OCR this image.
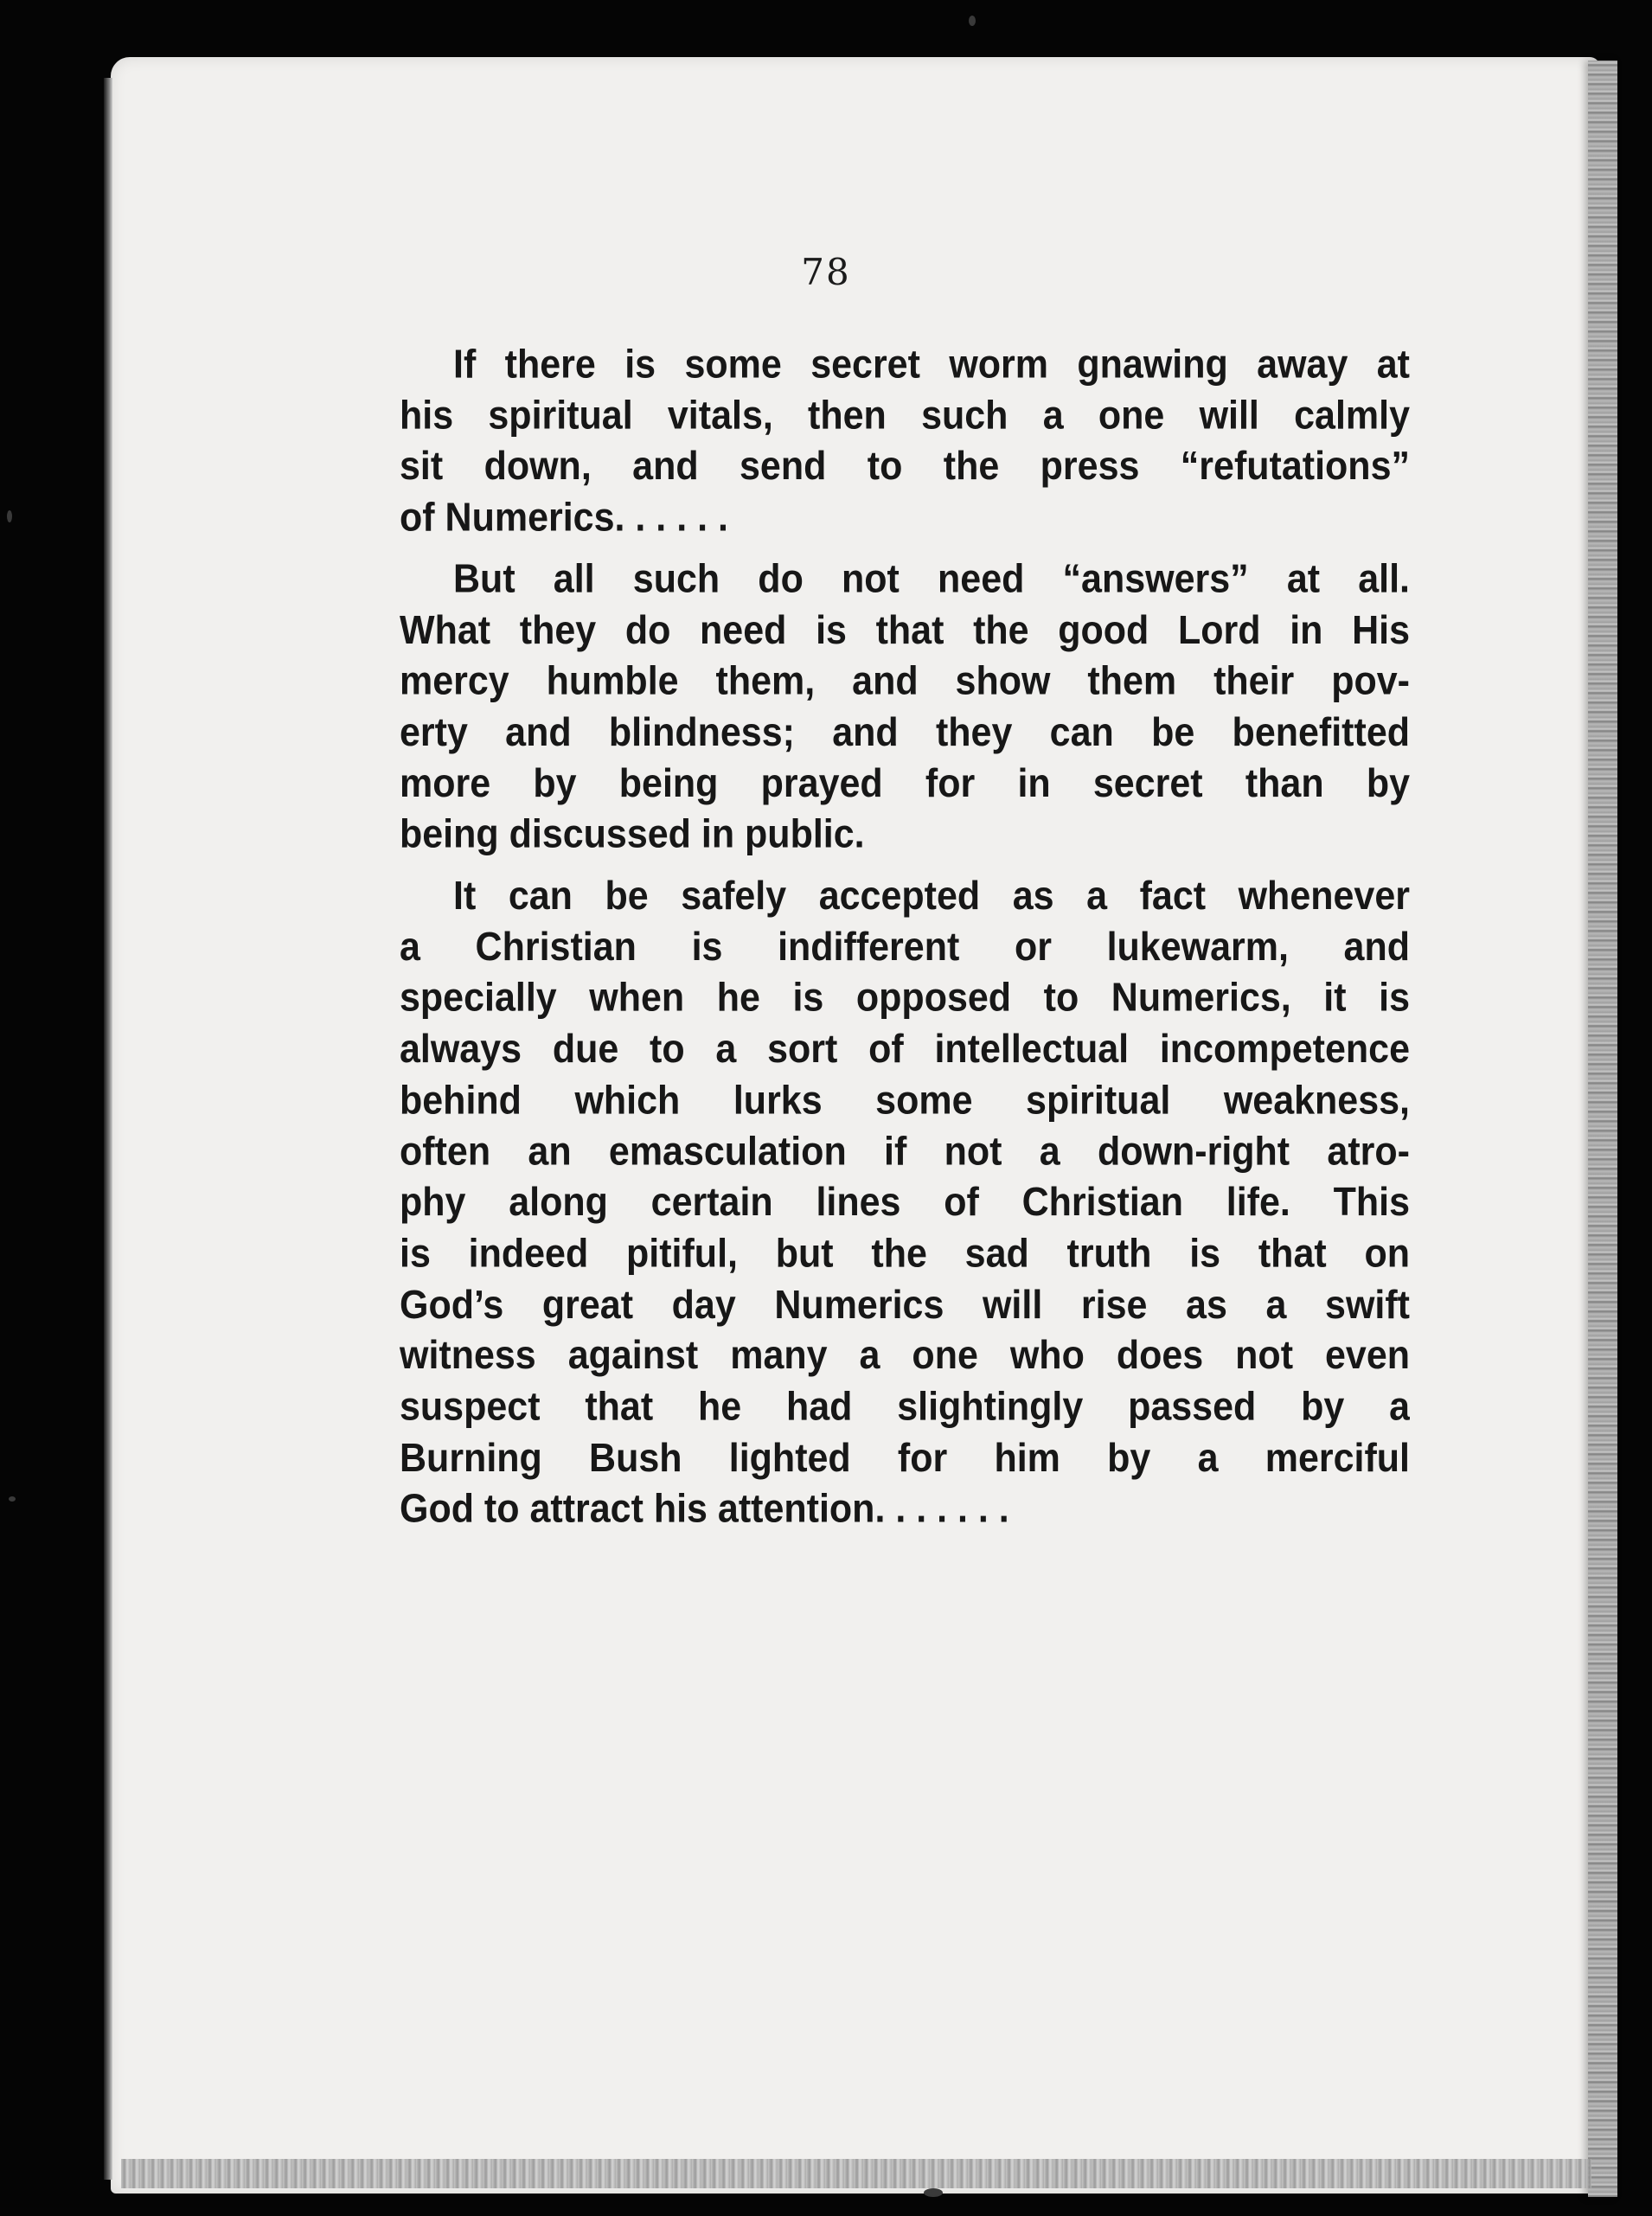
78

If there is some secret worm gnawing away at
his spiritual vitals, then such a one will calmly
sit down, and send to the press “refutations”
of Numerics. . . . . .

But all such do not need “answers” at all.
What they do need is that the good Lord in His
mercy humble them, and show them their pov-
erty and blindness; and they can be benefitted
more by being prayed for in secret than by
being discussed in public.

It can be safely accepted as a fact whenever
a Christian is indifferent or lukewarm, and
specially when he is opposed to Numerics, it is
always due to a sort of intellectual incompetence
behind which lurks some spiritual weakness,
often an emasculation if not a down-right atro-
phy along certain lines of Christian life. This
is indeed pitiful, but the sad truth is that on
God’s great day Numerics will rise as a swift
witness against many a one who does not even
suspect that he had slightingly passed by a
Burning Bush lighted for him by a merciful
God to attract his attention. . . . . . .
